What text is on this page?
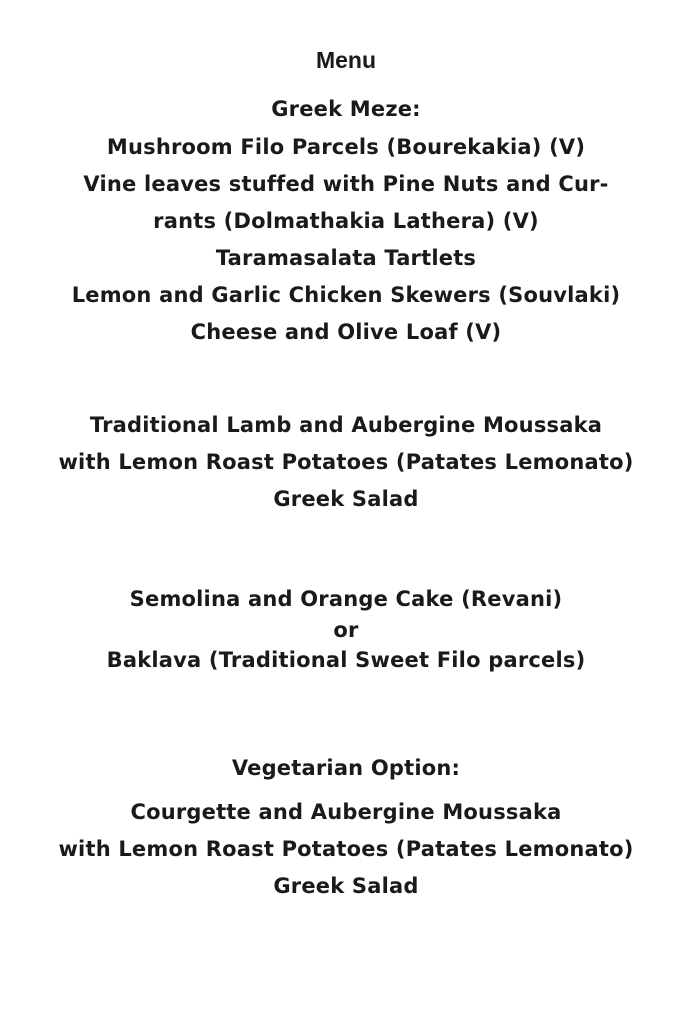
Menu
Greek Meze:
Mushroom Filo Parcels (Bourekakia) (V)
Vine leaves stuffed with Pine Nuts and Cur-
rants (Dolmathakia Lathera) (V)
Taramasalata Tartlets
Lemon and Garlic Chicken Skewers (Souvlaki)
Cheese and Olive Loaf (V)
Traditional Lamb and Aubergine Moussaka
with Lemon Roast Potatoes (Patates Lemonato)
Greek Salad
Semolina and Orange Cake (Revani)
or
Baklava (Traditional Sweet Filo parcels)
Vegetarian Option:
Courgette and Aubergine Moussaka
with Lemon Roast Potatoes (Patates Lemonato)
Greek Salad
